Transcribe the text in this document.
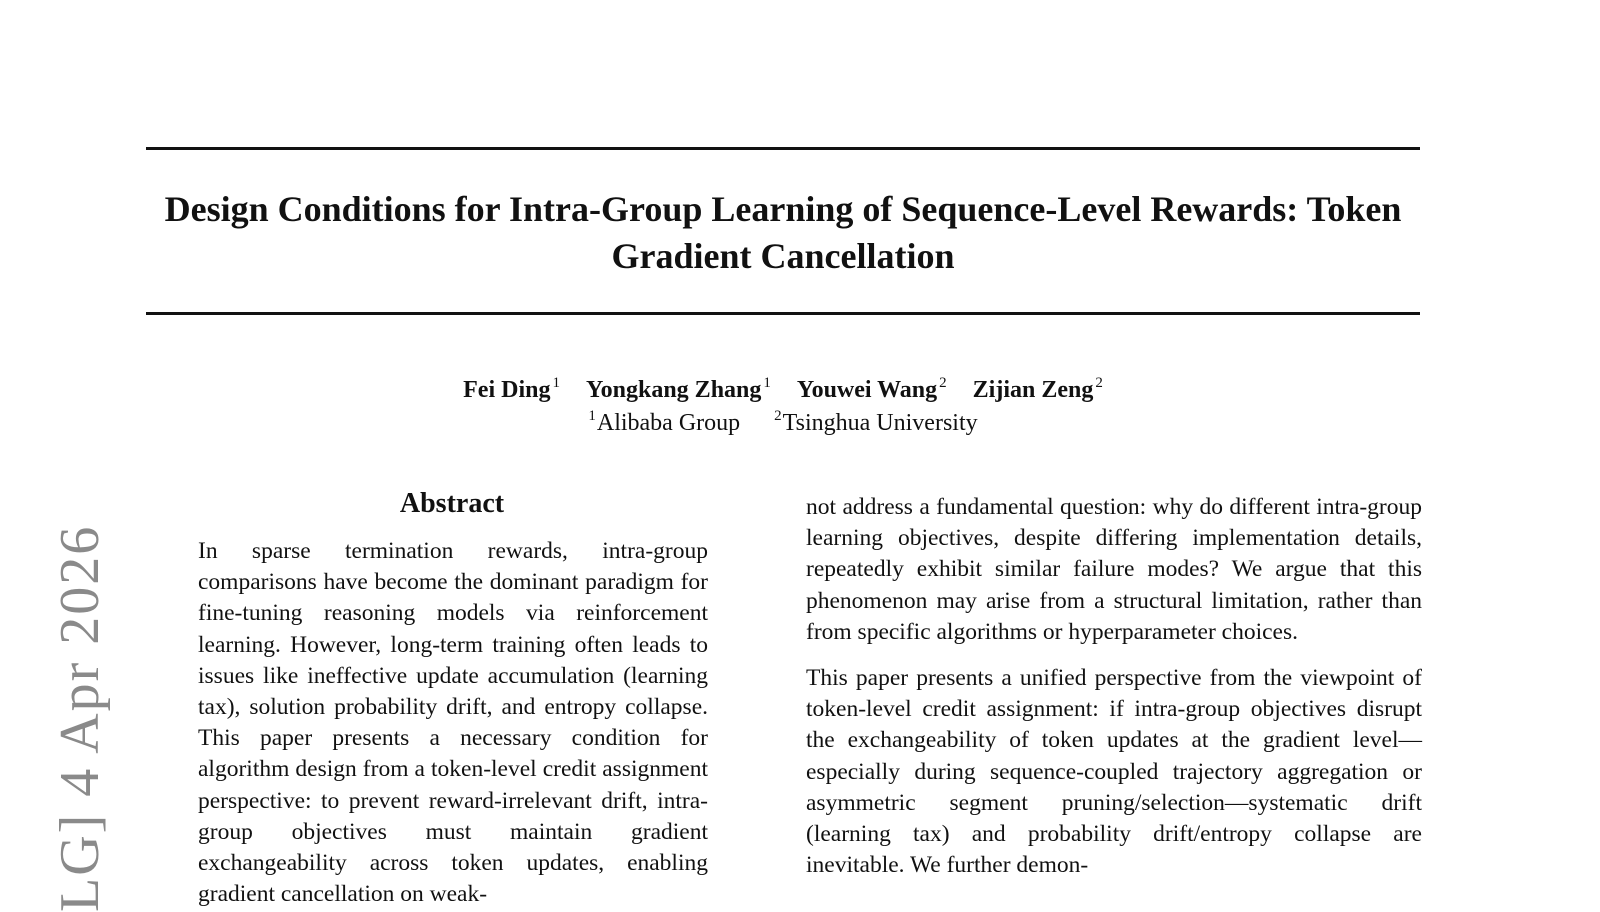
Design Conditions for Intra-Group Learning of Sequence-Level Rewards: Token
Gradient Cancellation
Fei Ding $^1$ Yongkang Zhang $^1$ Youwei Wang $^2$ Zijian Zeng $^2$
$^1$Alibaba Group $^2$Tsinghua University
Abstract

In sparse termination rewards, intra-group comparisons have become the dominant paradigm for fine-tuning reasoning models via reinforcement learning. However, long-term training often leads to issues like ineffective update accumulation (learning tax), solution probability drift, and entropy collapse. This paper presents a necessary condition for algorithm design from a token-level credit assignment perspective: to prevent reward-irrelevant drift, intra-group objectives must maintain gradient exchangeability across token updates, enabling gradient cancellation on weak-

not address a fundamental question: why do different intra-group learning objectives, despite differing implementation details, repeatedly exhibit similar failure modes? We argue that this phenomenon may arise from a structural limitation, rather than from specific algorithms or hyperparameter choices.

This paper presents a unified perspective from the viewpoint of token-level credit assignment: if intra-group objectives disrupt the exchangeability of token updates at the gradient level—especially during sequence-coupled trajectory aggregation or asymmetric segment pruning/selection—systematic drift (learning tax) and probability drift/entropy collapse are inevitable. We further demon-

LG] 4 Apr 2026
